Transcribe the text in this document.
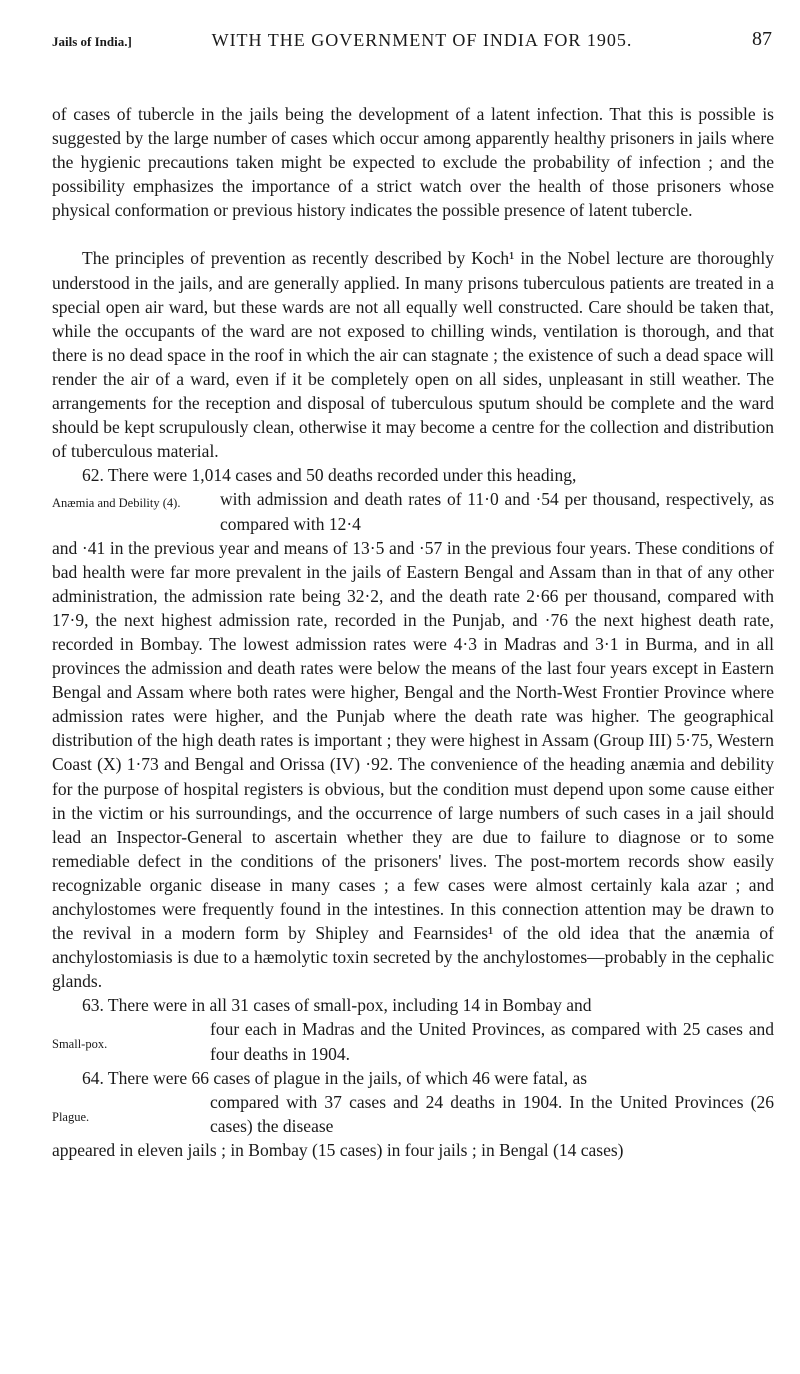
Jails of India.]	WITH THE GOVERNMENT OF INDIA FOR 1905.	87

of cases of tubercle in the jails being the development of a latent infection. That this is possible is suggested by the large number of cases which occur among apparently healthy prisoners in jails where the hygienic precautions taken might be expected to exclude the probability of infection ; and the possibility emphasizes the importance of a strict watch over the health of those prisoners whose physical conformation or previous history indicates the possible presence of latent tubercle.

The principles of prevention as recently described by Koch¹ in the Nobel lecture are thoroughly understood in the jails, and are generally applied. In many prisons tuberculous patients are treated in a special open air ward, but these wards are not all equally well constructed. Care should be taken that, while the occupants of the ward are not exposed to chilling winds, ventilation is thorough, and that there is no dead space in the roof in which the air can stagnate ; the existence of such a dead space will render the air of a ward, even if it be completely open on all sides, unpleasant in still weather. The arrangements for the reception and disposal of tuberculous sputum should be complete and the ward should be kept scrupulously clean, otherwise it may become a centre for the collection and distribution of tuberculous material.

62. There were 1,014 cases and 50 deaths recorded under this heading,

Anæmia and Debility (4).	with admission and death rates of 11·0 and ·54 per thousand, respectively, as compared with 12·4

and ·41 in the previous year and means of 13·5 and ·57 in the previous four years. These conditions of bad health were far more prevalent in the jails of Eastern Bengal and Assam than in that of any other administration, the admission rate being 32·2, and the death rate 2·66 per thousand, compared with 17·9, the next highest admission rate, recorded in the Punjab, and ·76 the next highest death rate, recorded in Bombay. The lowest admission rates were 4·3 in Madras and 3·1 in Burma, and in all provinces the admission and death rates were below the means of the last four years except in Eastern Bengal and Assam where both rates were higher, Bengal and the North-West Frontier Province where admission rates were higher, and the Punjab where the death rate was higher. The geographical distribution of the high death rates is important ; they were highest in Assam (Group III) 5·75, Western Coast (X) 1·73 and Bengal and Orissa (IV) ·92. The convenience of the heading anæmia and debility for the purpose of hospital registers is obvious, but the condition must depend upon some cause either in the victim or his surroundings, and the occurrence of large numbers of such cases in a jail should lead an Inspector-General to ascertain whether they are due to failure to diagnose or to some remediable defect in the conditions of the prisoners' lives. The post-mortem records show easily recognizable organic disease in many cases ; a few cases were almost certainly kala azar ; and anchylostomes were frequently found in the intestines. In this connection attention may be drawn to the revival in a modern form by Shipley and Fearnsides¹ of the old idea that the anæmia of anchylostomiasis is due to a hæmolytic toxin secreted by the anchylostomes—probably in the cephalic glands.

63. There were in all 31 cases of small-pox, including 14 in Bombay and

Small-pox.

four each in Madras and the United Provinces, as compared with 25 cases and four deaths in 1904.

64. There were 66 cases of plague in the jails, of which 46 were fatal, as

Plague.

compared with 37 cases and 24 deaths in 1904. In the United Provinces (26 cases) the disease

appeared in eleven jails ; in Bombay (15 cases) in four jails ; in Bengal (14 cases)
